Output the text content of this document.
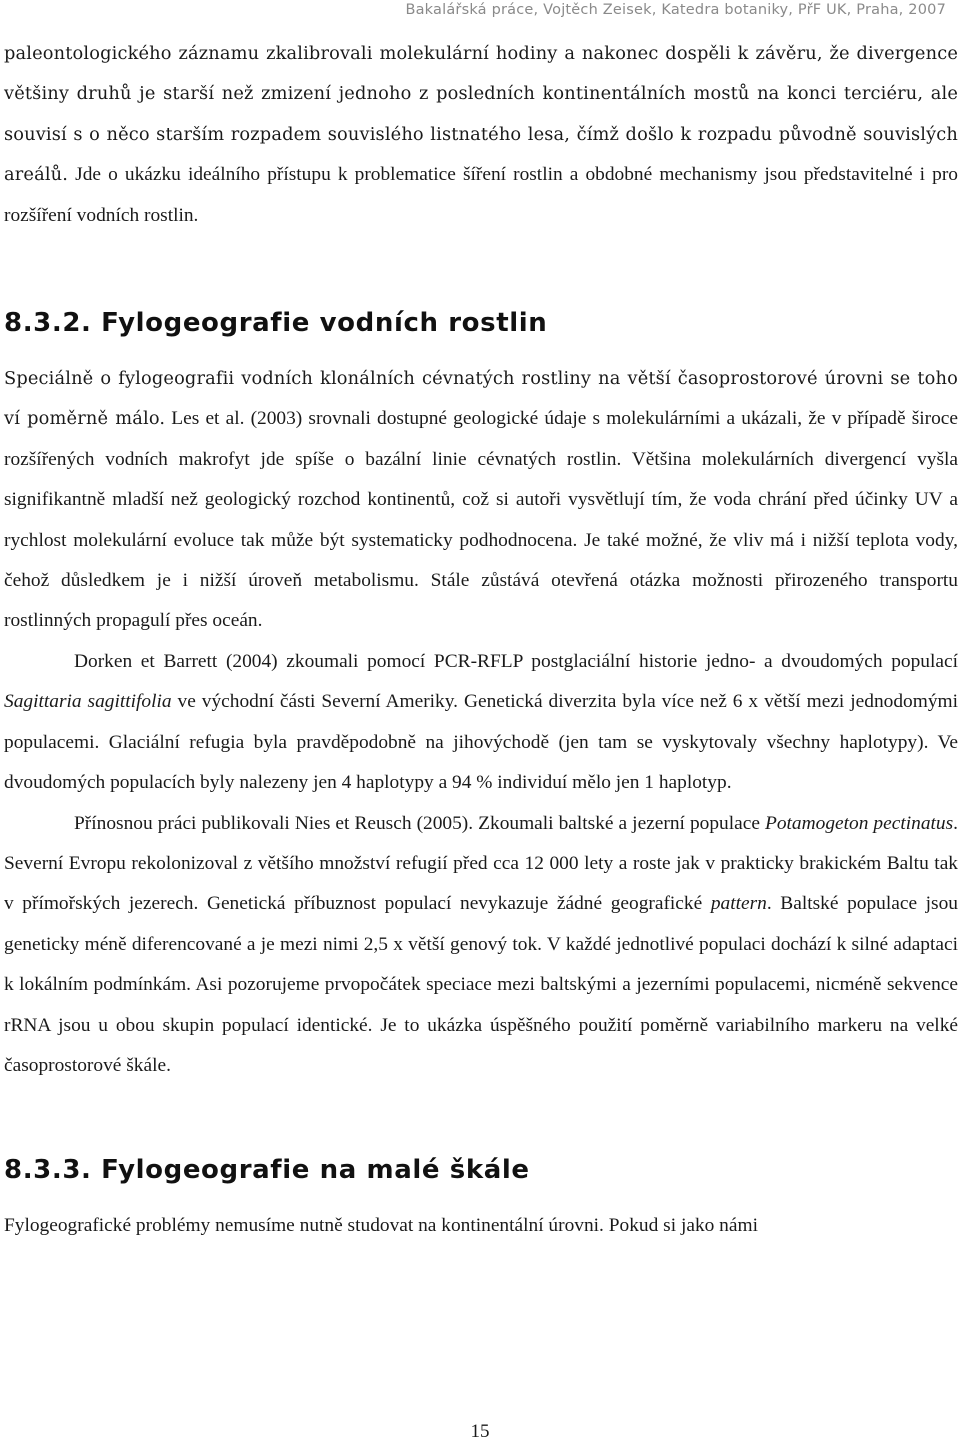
Bakalářská práce, Vojtěch Zeisek, Katedra botaniky, PřF UK, Praha, 2007

paleontologického záznamu zkalibrovali molekulární hodiny a nakonec dospěli k závěru, že divergence většiny druhů je starší než zmizení jednoho z posledních kontinentálních mostů na konci terciéru, ale souvisí s o něco starším rozpadem souvislého listnatého lesa, čímž došlo k rozpadu původně souvislých areálů. Jde o ukázku ideálního přístupu k problematice šíření rostlin a obdobné mechanismy jsou představitelné i pro rozšíření vodních rostlin.

8.3.2. Fylogeografie vodních rostlin

Speciálně o fylogeografii vodních klonálních cévnatých rostliny na větší časoprostorové úrovni se toho ví poměrně málo. Les et al. (2003) srovnali dostupné geologické údaje s molekulárními a ukázali, že v případě široce rozšířených vodních makrofyt jde spíše o bazální linie cévnatých rostlin. Většina molekulárních divergencí vyšla signifikantně mladší než geologický rozchod kontinentů, což si autoři vysvětlují tím, že voda chrání před účinky UV a rychlost molekulární evoluce tak může být systematicky podhodnocena. Je také možné, že vliv má i nižší teplota vody, čehož důsledkem je i nižší úroveň metabolismu. Stále zůstává otevřená otázka možnosti přirozeného transportu rostlinných propagulí přes oceán.

Dorken et Barrett (2004) zkoumali pomocí PCR-RFLP postglaciální historie jedno- a dvoudomých populací Sagittaria sagittifolia ve východní části Severní Ameriky. Genetická diverzita byla více než 6 x větší mezi jednodomými populacemi. Glaciální refugia byla pravděpodobně na jihovýchodě (jen tam se vyskytovaly všechny haplotypy). Ve dvoudomých populacích byly nalezeny jen 4 haplotypy a 94 % individuí mělo jen 1 haplotyp.

Přínosnou práci publikovali Nies et Reusch (2005). Zkoumali baltské a jezerní populace Potamogeton pectinatus. Severní Evropu rekolonizoval z většího množství refugií před cca 12 000 lety a roste jak v prakticky brakickém Baltu tak v přímořských jezerech. Genetická příbuznost populací nevykazuje žádné geografické pattern. Baltské populace jsou geneticky méně diferencované a je mezi nimi 2,5 x větší genový tok. V každé jednotlivé populaci dochází k silné adaptaci k lokálním podmínkám. Asi pozorujeme prvopočátek speciace mezi baltskými a jezerními populacemi, nicméně sekvence rRNA jsou u obou skupin populací identické. Je to ukázka úspěšného použití poměrně variabilního markeru na velké časoprostorové škále.

8.3.3. Fylogeografie na malé škále

Fylogeografické problémy nemusíme nutně studovat na kontinentální úrovni. Pokud si jako námi

15
